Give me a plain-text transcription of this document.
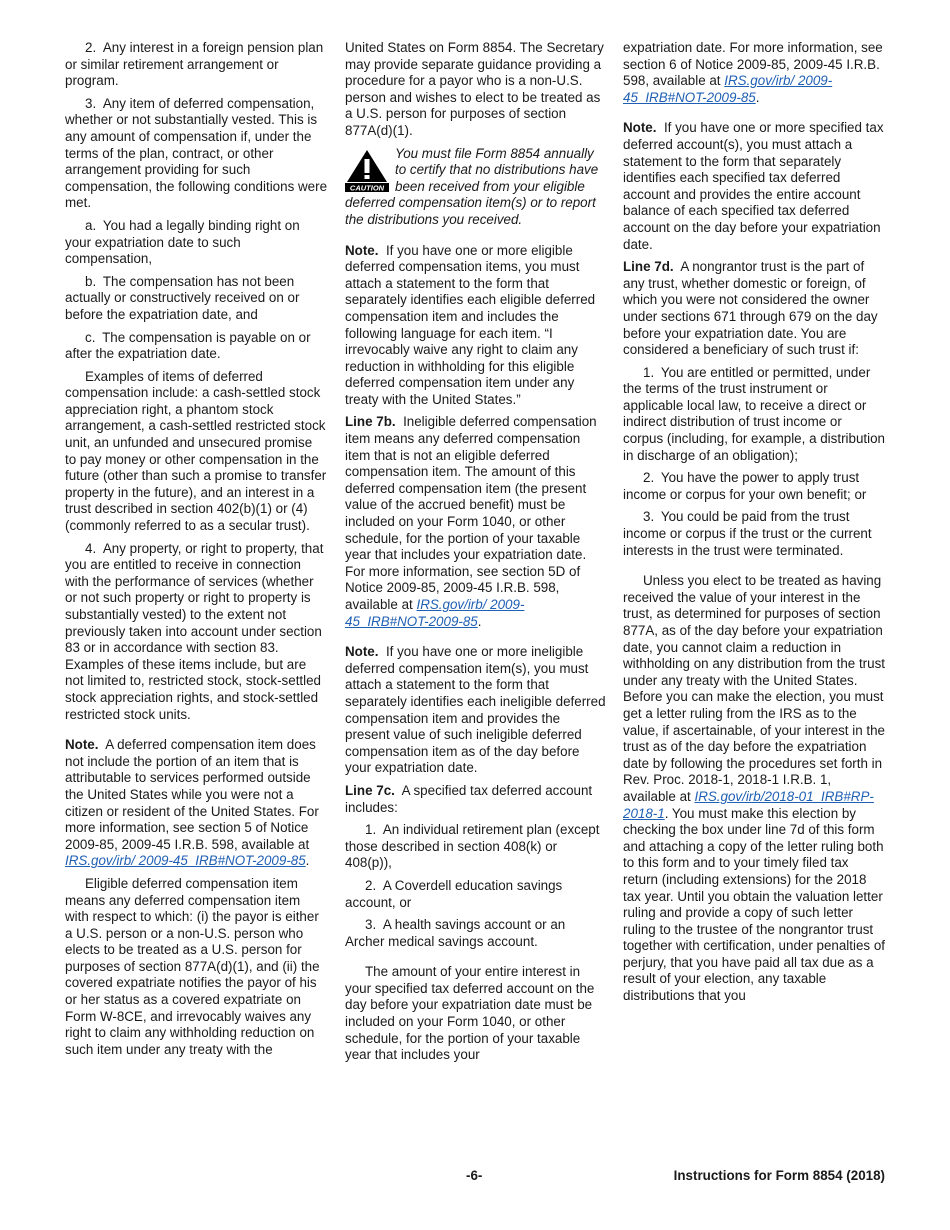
2. Any interest in a foreign pension plan or similar retirement arrangement or program.

3. Any item of deferred compensation, whether or not substantially vested. This is any amount of compensation if, under the terms of the plan, contract, or other arrangement providing for such compensation, the following conditions were met.

a. You had a legally binding right on your expatriation date to such compensation,

b. The compensation has not been actually or constructively received on or before the expatriation date, and

c. The compensation is payable on or after the expatriation date.

Examples of items of deferred compensation include: a cash-settled stock appreciation right, a phantom stock arrangement, a cash-settled restricted stock unit, an unfunded and unsecured promise to pay money or other compensation in the future (other than such a promise to transfer property in the future), and an interest in a trust described in section 402(b)(1) or (4) (commonly referred to as a secular trust).

4. Any property, or right to property, that you are entitled to receive in connection with the performance of services (whether or not such property or right to property is substantially vested) to the extent not previously taken into account under section 83 or in accordance with section 83. Examples of these items include, but are not limited to, restricted stock, stock-settled stock appreciation rights, and stock-settled restricted stock units.

Note. A deferred compensation item does not include the portion of an item that is attributable to services performed outside the United States while you were not a citizen or resident of the United States. For more information, see section 5 of Notice 2009-85, 2009-45 I.R.B. 598, available at IRS.gov/irb/ 2009-45_IRB#NOT-2009-85.

Eligible deferred compensation item means any deferred compensation item with respect to which: (i) the payor is either a U.S. person or a non-U.S. person who elects to be treated as a U.S. person for purposes of section 877A(d)(1), and (ii) the covered expatriate notifies the payor of his or her status as a covered expatriate on Form W-8CE, and irrevocably waives any right to claim any withholding reduction on such item under any treaty with the

United States on Form 8854. The Secretary may provide separate guidance providing a procedure for a payor who is a non-U.S. person and wishes to elect to be treated as a U.S. person for purposes of section 877A(d)(1).

CAUTION
You must file Form 8854 annually to certify that no distributions have been received from your eligible deferred compensation item(s) or to report the distributions you received.

Note. If you have one or more eligible deferred compensation items, you must attach a statement to the form that separately identifies each eligible deferred compensation item and includes the following language for each item. “I irrevocably waive any right to claim any reduction in withholding for this eligible deferred compensation item under any treaty with the United States.”

Line 7b. Ineligible deferred compensation item means any deferred compensation item that is not an eligible deferred compensation item. The amount of this deferred compensation item (the present value of the accrued benefit) must be included on your Form 1040, or other schedule, for the portion of your taxable year that includes your expatriation date. For more information, see section 5D of Notice 2009-85, 2009-45 I.R.B. 598, available at IRS.gov/irb/ 2009-45_IRB#NOT-2009-85.

Note. If you have one or more ineligible deferred compensation item(s), you must attach a statement to the form that separately identifies each ineligible deferred compensation item and provides the present value of such ineligible deferred compensation item as of the day before your expatriation date.

Line 7c. A specified tax deferred account includes:

1. An individual retirement plan (except those described in section 408(k) or 408(p)),

2. A Coverdell education savings account, or

3. A health savings account or an Archer medical savings account.

The amount of your entire interest in your specified tax deferred account on the day before your expatriation date must be included on your Form 1040, or other schedule, for the portion of your taxable year that includes your

expatriation date. For more information, see section 6 of Notice 2009-85, 2009-45 I.R.B. 598, available at IRS.gov/irb/ 2009-45_IRB#NOT-2009-85.

Note. If you have one or more specified tax deferred account(s), you must attach a statement to the form that separately identifies each specified tax deferred account and provides the entire account balance of each specified tax deferred account on the day before your expatriation date.

Line 7d. A nongrantor trust is the part of any trust, whether domestic or foreign, of which you were not considered the owner under sections 671 through 679 on the day before your expatriation date. You are considered a beneficiary of such trust if:

1. You are entitled or permitted, under the terms of the trust instrument or applicable local law, to receive a direct or indirect distribution of trust income or corpus (including, for example, a distribution in discharge of an obligation);

2. You have the power to apply trust income or corpus for your own benefit; or

3. You could be paid from the trust income or corpus if the trust or the current interests in the trust were terminated.

Unless you elect to be treated as having received the value of your interest in the trust, as determined for purposes of section 877A, as of the day before your expatriation date, you cannot claim a reduction in withholding on any distribution from the trust under any treaty with the United States. Before you can make the election, you must get a letter ruling from the IRS as to the value, if ascertainable, of your interest in the trust as of the day before the expatriation date by following the procedures set forth in Rev. Proc. 2018-1, 2018-1 I.R.B. 1, available at IRS.gov/irb/2018-01_IRB#RP-2018-1. You must make this election by checking the box under line 7d of this form and attaching a copy of the letter ruling both to this form and to your timely filed tax return (including extensions) for the 2018 tax year. Until you obtain the valuation letter ruling and provide a copy of such letter ruling to the trustee of the nongrantor trust together with certification, under penalties of perjury, that you have paid all tax due as a result of your election, any taxable distributions that you

-6-	Instructions for Form 8854 (2018)
